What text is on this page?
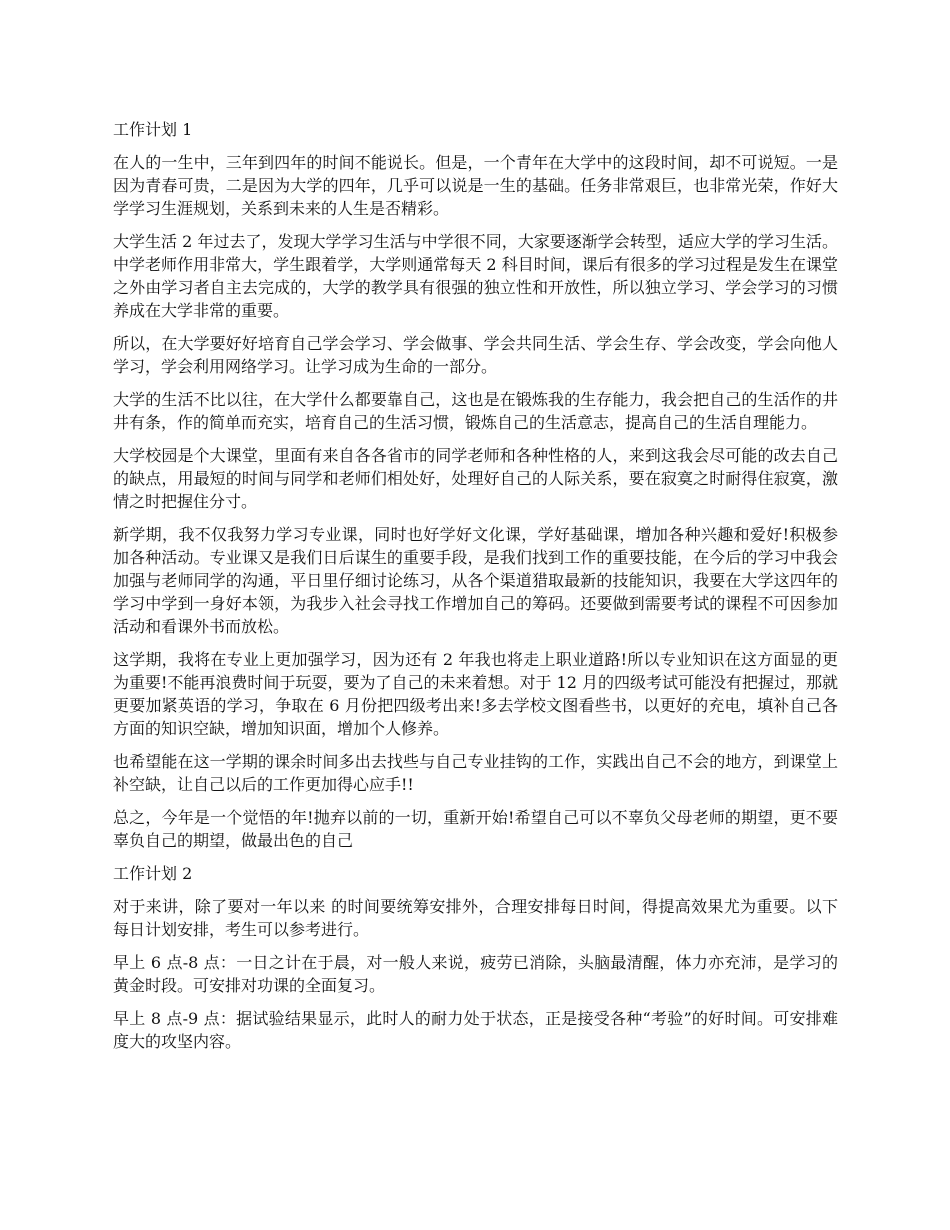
工作计划 1

在人的一生中，三年到四年的时间不能说长。但是，一个青年在大学中的这段时间，却不可说短。一是因为青春可贵，二是因为大学的四年，几乎可以说是一生的基础。任务非常艰巨，也非常光荣，作好大学学习生涯规划，关系到未来的人生是否精彩。

大学生活 2 年过去了，发现大学学习生活与中学很不同，大家要逐渐学会转型，适应大学的学习生活。中学老师作用非常大，学生跟着学，大学则通常每天 2 科目时间，课后有很多的学习过程是发生在课堂之外由学习者自主去完成的，大学的教学具有很强的独立性和开放性，所以独立学习、学会学习的习惯养成在大学非常的重要。

所以，在大学要好好培育自己学会学习、学会做事、学会共同生活、学会生存、学会改变，学会向他人学习，学会利用网络学习。让学习成为生命的一部分。

大学的生活不比以往，在大学什么都要靠自己，这也是在锻炼我的生存能力，我会把自己的生活作的井井有条，作的简单而充实，培育自己的生活习惯，锻炼自己的生活意志，提高自己的生活自理能力。

大学校园是个大课堂，里面有来自各各省市的同学老师和各种性格的人，来到这我会尽可能的改去自己的缺点，用最短的时间与同学和老师们相处好，处理好自己的人际关系，要在寂寞之时耐得住寂寞，激情之时把握住分寸。

新学期，我不仅我努力学习专业课，同时也好学好文化课，学好基础课，增加各种兴趣和爱好!积极参加各种活动。专业课又是我们日后谋生的重要手段，是我们找到工作的重要技能，在今后的学习中我会加强与老师同学的沟通，平日里仔细讨论练习，从各个渠道猎取最新的技能知识，我要在大学这四年的学习中学到一身好本领，为我步入社会寻找工作增加自己的筹码。还要做到需要考试的课程不可因参加活动和看课外书而放松。

这学期，我将在专业上更加强学习，因为还有 2 年我也将走上职业道路!所以专业知识在这方面显的更为重要!不能再浪费时间于玩耍，要为了自己的未来着想。对于 12 月的四级考试可能没有把握过，那就更要加紧英语的学习，争取在 6 月份把四级考出来!多去学校文图看些书，以更好的充电，填补自己各方面的知识空缺，增加知识面，增加个人修养。

也希望能在这一学期的课余时间多出去找些与自己专业挂钩的工作，实践出自己不会的地方，到课堂上补空缺，让自己以后的工作更加得心应手!!

总之，今年是一个觉悟的年!抛弃以前的一切，重新开始!希望自己可以不辜负父母老师的期望，更不要辜负自己的期望，做最出色的自己

工作计划 2

对于来讲，除了要对一年以来 的时间要统筹安排外，合理安排每日时间，得提高效果尤为重要。以下每日计划安排，考生可以参考进行。

早上 6 点-8 点：一日之计在于晨，对一般人来说，疲劳已消除，头脑最清醒，体力亦充沛，是学习的黄金时段。可安排对功课的全面复习。

早上 8 点-9 点：据试验结果显示，此时人的耐力处于状态，正是接受各种“考验”的好时间。可安排难度大的攻坚内容。
